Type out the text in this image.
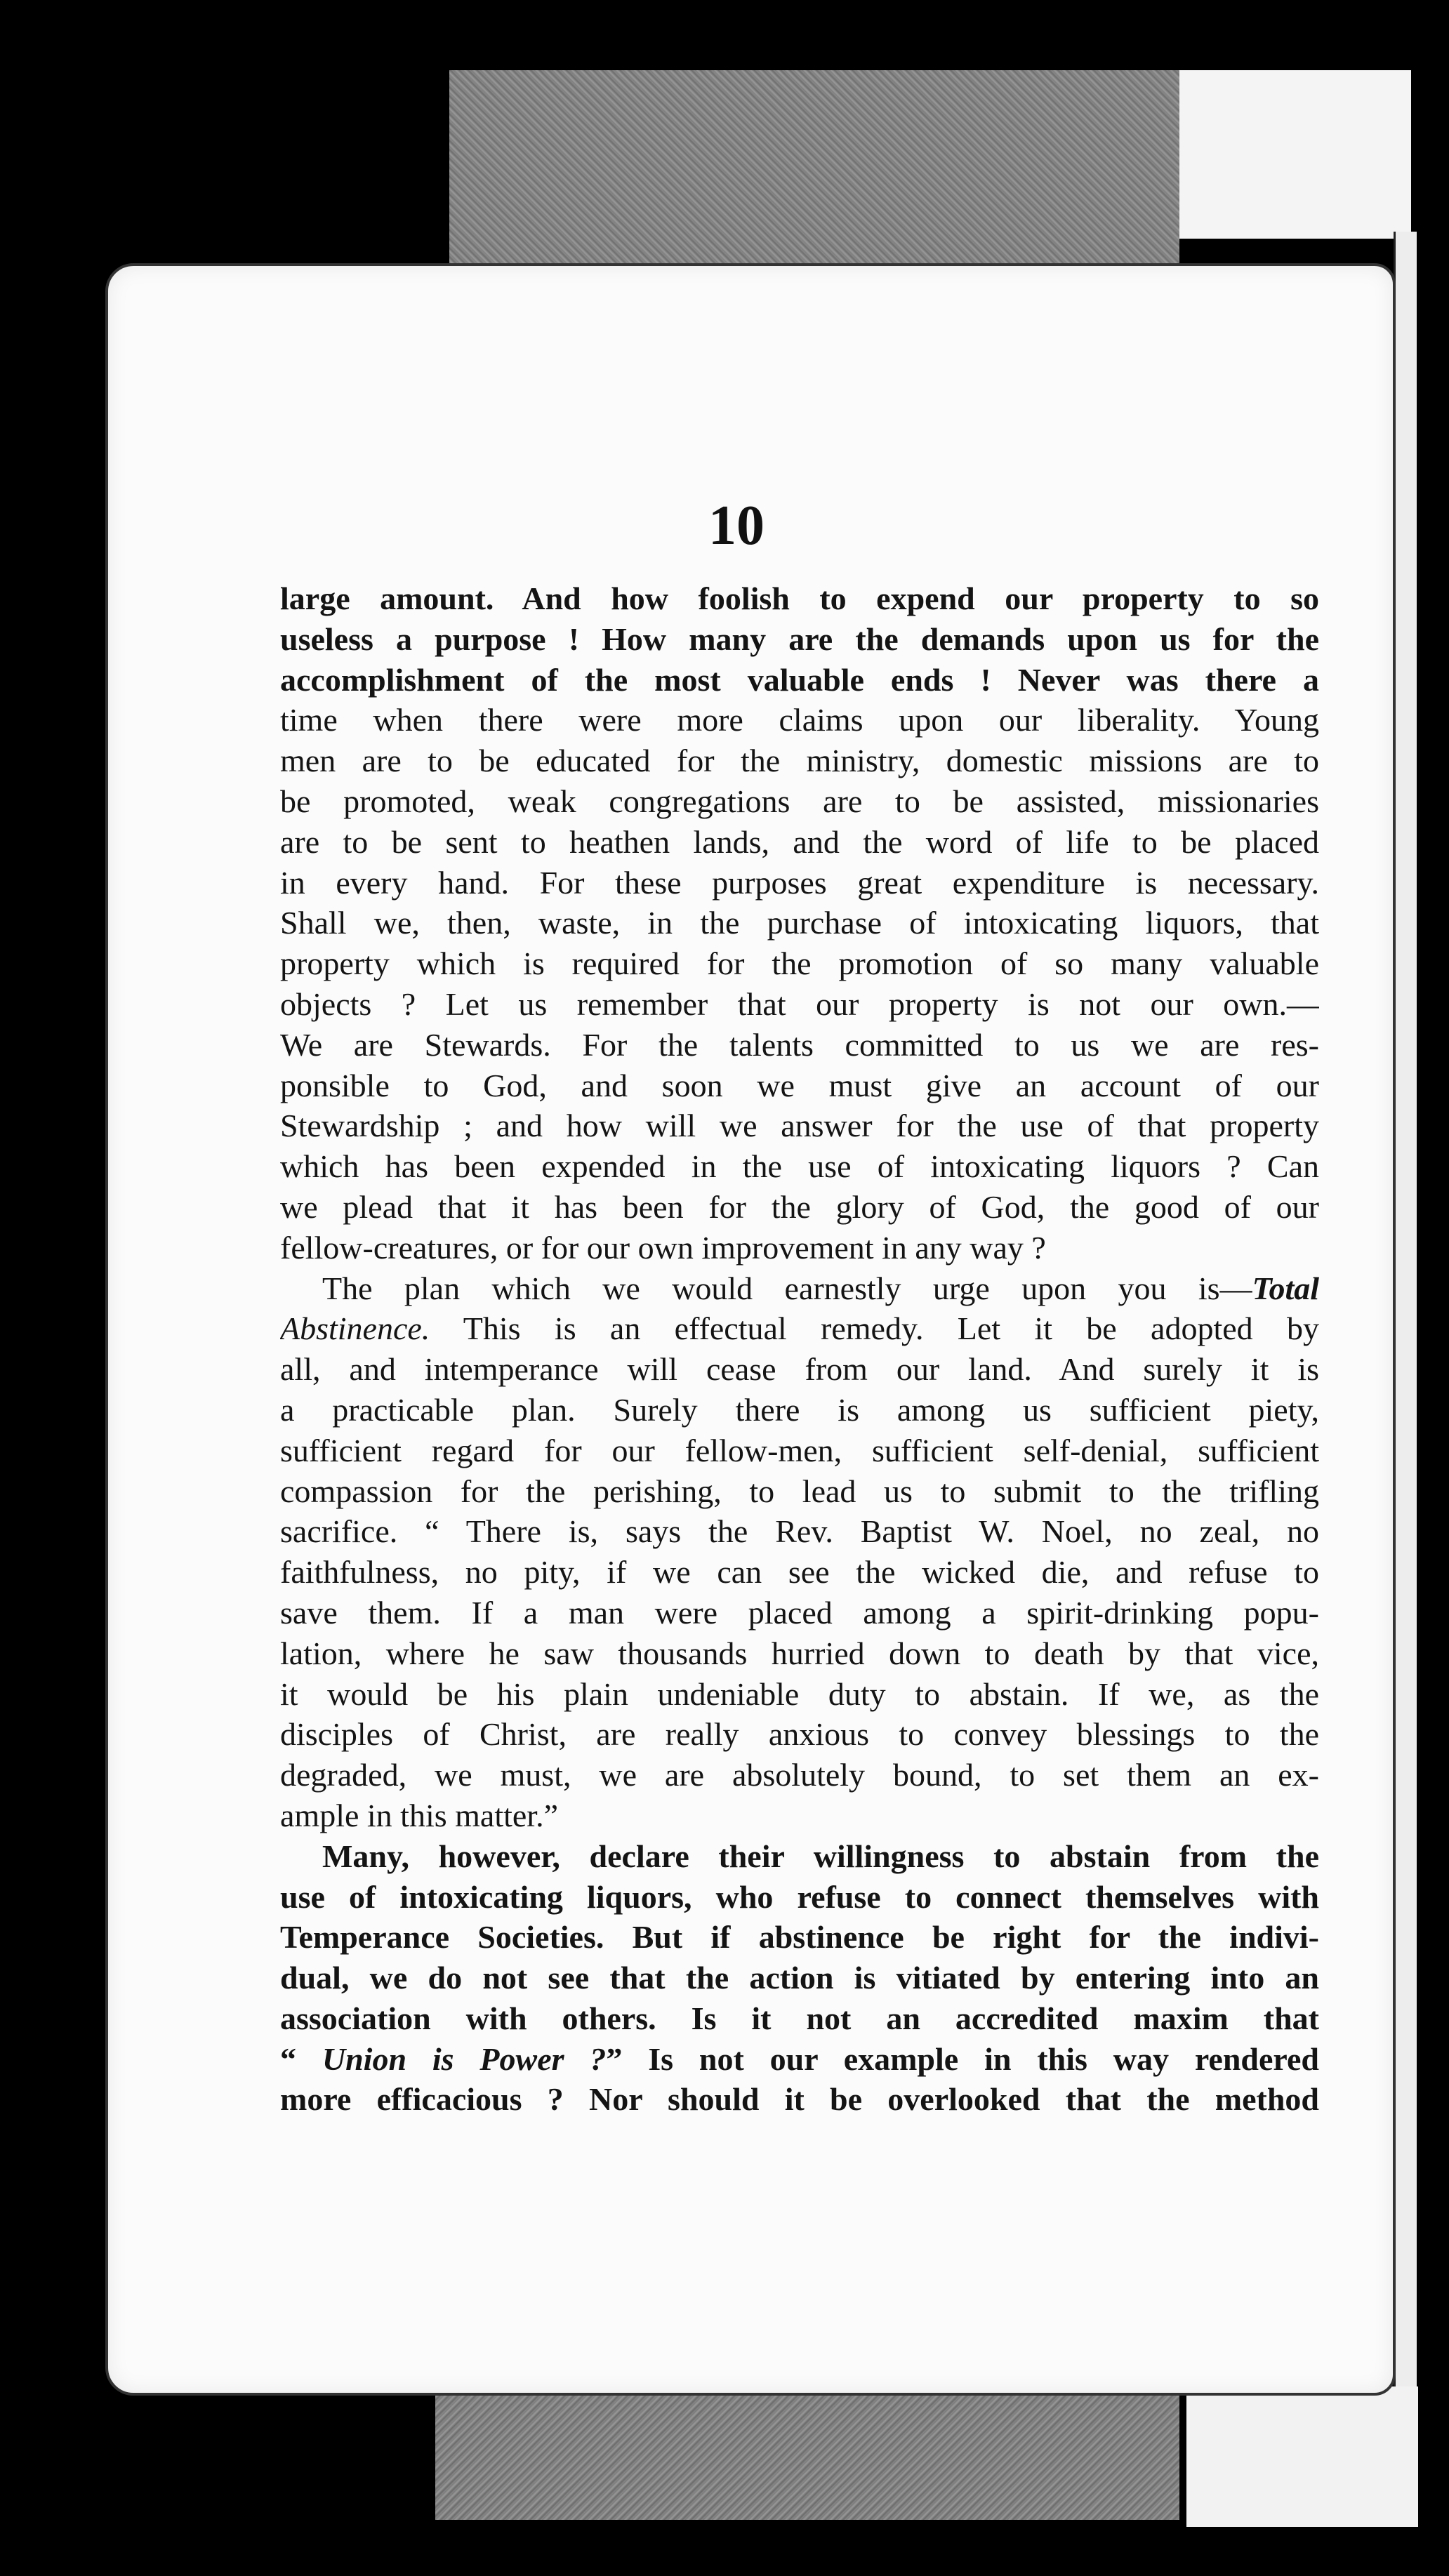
10
large amount. And how foolish to expend our property to so
useless a purpose ! How many are the demands upon us for the
accomplishment of the most valuable ends ! Never was there a
time when there were more claims upon our liberality. Young
men are to be educated for the ministry, domestic missions are to
be promoted, weak congregations are to be assisted, missionaries
are to be sent to heathen lands, and the word of life to be placed
in every hand. For these purposes great expenditure is necessary.
Shall we, then, waste, in the purchase of intoxicating liquors, that
property which is required for the promotion of so many valuable
objects ? Let us remember that our property is not our own.—
We are Stewards. For the talents committed to us we are res-
ponsible to God, and soon we must give an account of our
Stewardship ; and how will we answer for the use of that property
which has been expended in the use of intoxicating liquors ? Can
we plead that it has been for the glory of God, the good of our
fellow-creatures, or for our own improvement in any way ?
The plan which we would earnestly urge upon you is—Total
Abstinence. This is an effectual remedy. Let it be adopted by
all, and intemperance will cease from our land. And surely it is
a practicable plan. Surely there is among us sufficient piety,
sufficient regard for our fellow-men, sufficient self-denial, sufficient
compassion for the perishing, to lead us to submit to the trifling
sacrifice. “ There is, says the Rev. Baptist W. Noel, no zeal, no
faithfulness, no pity, if we can see the wicked die, and refuse to
save them. If a man were placed among a spirit-drinking popu-
lation, where he saw thousands hurried down to death by that vice,
it would be his plain undeniable duty to abstain. If we, as the
disciples of Christ, are really anxious to convey blessings to the
degraded, we must, we are absolutely bound, to set them an ex-
ample in this matter.”
Many, however, declare their willingness to abstain from the
use of intoxicating liquors, who refuse to connect themselves with
Temperance Societies. But if abstinence be right for the indivi-
dual, we do not see that the action is vitiated by entering into an
association with others. Is it not an accredited maxim that
“ Union is Power ?” Is not our example in this way rendered
more efficacious ? Nor should it be overlooked that the method
